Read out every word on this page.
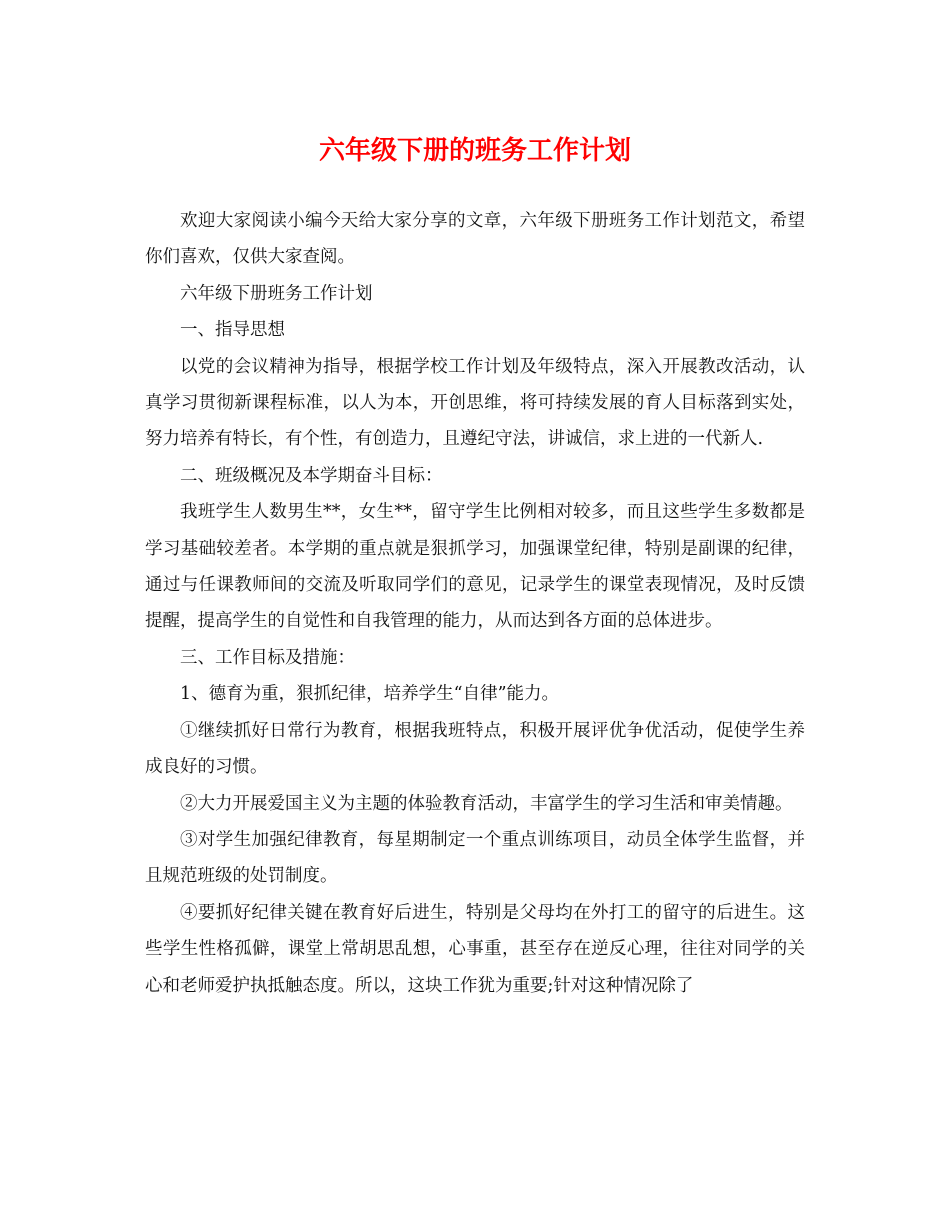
六年级下册的班务工作计划

欢迎大家阅读小编今天给大家分享的文章，六年级下册班务工作计划范文，希望你们喜欢，仅供大家查阅。

六年级下册班务工作计划

一、指导思想

以党的会议精神为指导，根据学校工作计划及年级特点，深入开展教改活动，认真学习贯彻新课程标准，以人为本，开创思维，将可持续发展的育人目标落到实处，努力培养有特长，有个性，有创造力，且遵纪守法，讲诚信，求上进的一代新人.

二、班级概况及本学期奋斗目标：

我班学生人数男生**，女生**，留守学生比例相对较多，而且这些学生多数都是学习基础较差者。本学期的重点就是狠抓学习，加强课堂纪律，特别是副课的纪律，通过与任课教师间的交流及听取同学们的意见，记录学生的课堂表现情况，及时反馈提醒，提高学生的自觉性和自我管理的能力，从而达到各方面的总体进步。

三、工作目标及措施：

1、德育为重，狠抓纪律，培养学生“自律”能力。

①继续抓好日常行为教育，根据我班特点，积极开展评优争优活动，促使学生养成良好的习惯。

②大力开展爱国主义为主题的体验教育活动，丰富学生的学习生活和审美情趣。

③对学生加强纪律教育，每星期制定一个重点训练项目，动员全体学生监督，并且规范班级的处罚制度。

④要抓好纪律关键在教育好后进生，特别是父母均在外打工的留守的后进生。这些学生性格孤僻，课堂上常胡思乱想，心事重，甚至存在逆反心理，往往对同学的关心和老师爱护执抵触态度。所以，这块工作犹为重要;针对这种情况除了
